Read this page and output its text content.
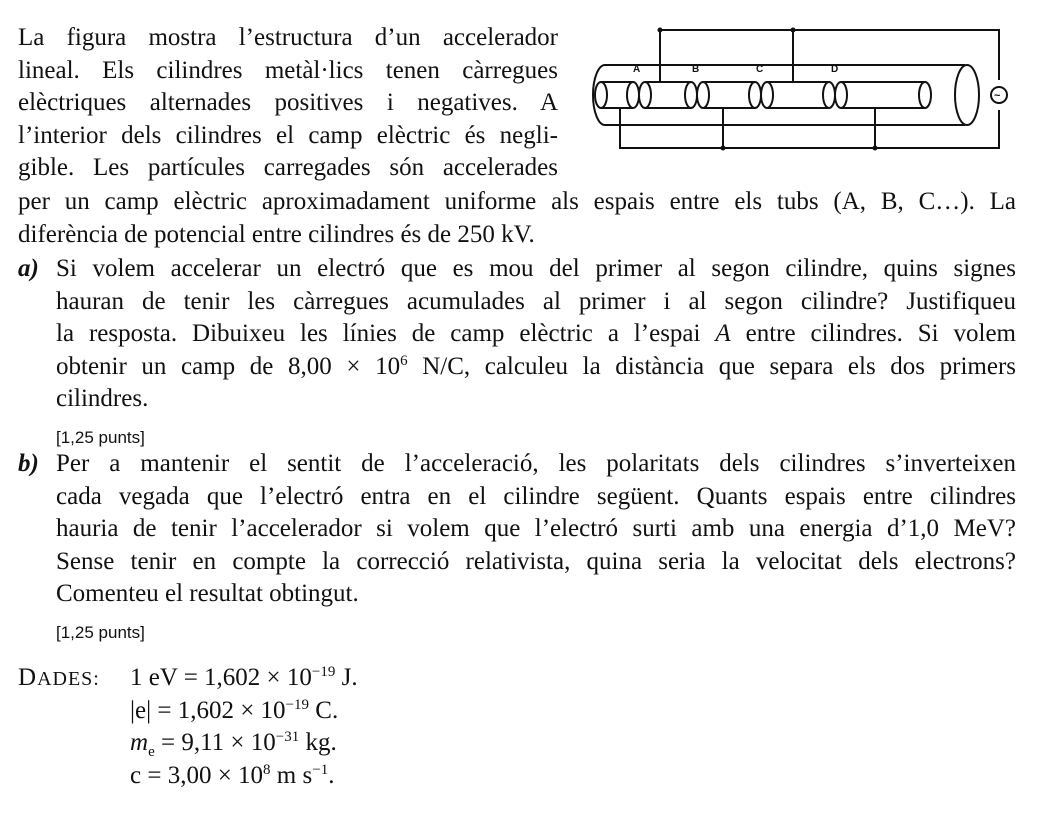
La figura mostra l’estructura d’un accelerador
lineal. Els cilindres metàl·lics tenen càrregues
elèctriques alternades positives i negatives. A
l’interior dels cilindres el camp elèctric és negli-
gible. Les partícules carregades són accelerades
per un camp elèctric aproximadament uniforme als espais entre els tubs (A, B, C…). La
diferència de potencial entre cilindres és de 250 kV.
A	B	C	D
~
a) Si volem accelerar un electró que es mou del primer al segon cilindre, quins signes
hauran de tenir les càrregues acumulades al primer i al segon cilindre? Justifiqueu
la resposta. Dibuixeu les línies de camp elèctric a l’espai A entre cilindres. Si volem
obtenir un camp de $8,00 \times 10^6$ N/C, calculeu la distància que separa els dos primers
cilindres.
[1,25 punts]
b) Per a mantenir el sentit de l’acceleració, les polaritats dels cilindres s’inverteixen
cada vegada que l’electró entra en el cilindre següent. Quants espais entre cilindres
hauria de tenir l’accelerador si volem que l’electró surti amb una energia d’1,0 MeV?
Sense tenir en compte la correcció relativista, quina seria la velocitat dels electrons?
Comenteu el resultat obtingut.
[1,25 punts]
DADES: 1 eV = $1,602 \times 10^{-19}$ J.
$|e| = 1,602 \times 10^{-19}$ C.
$m_e = 9,11 \times 10^{-31}$ kg.
$c = 3,00 \times 10^8$ m $s^{-1}$.
